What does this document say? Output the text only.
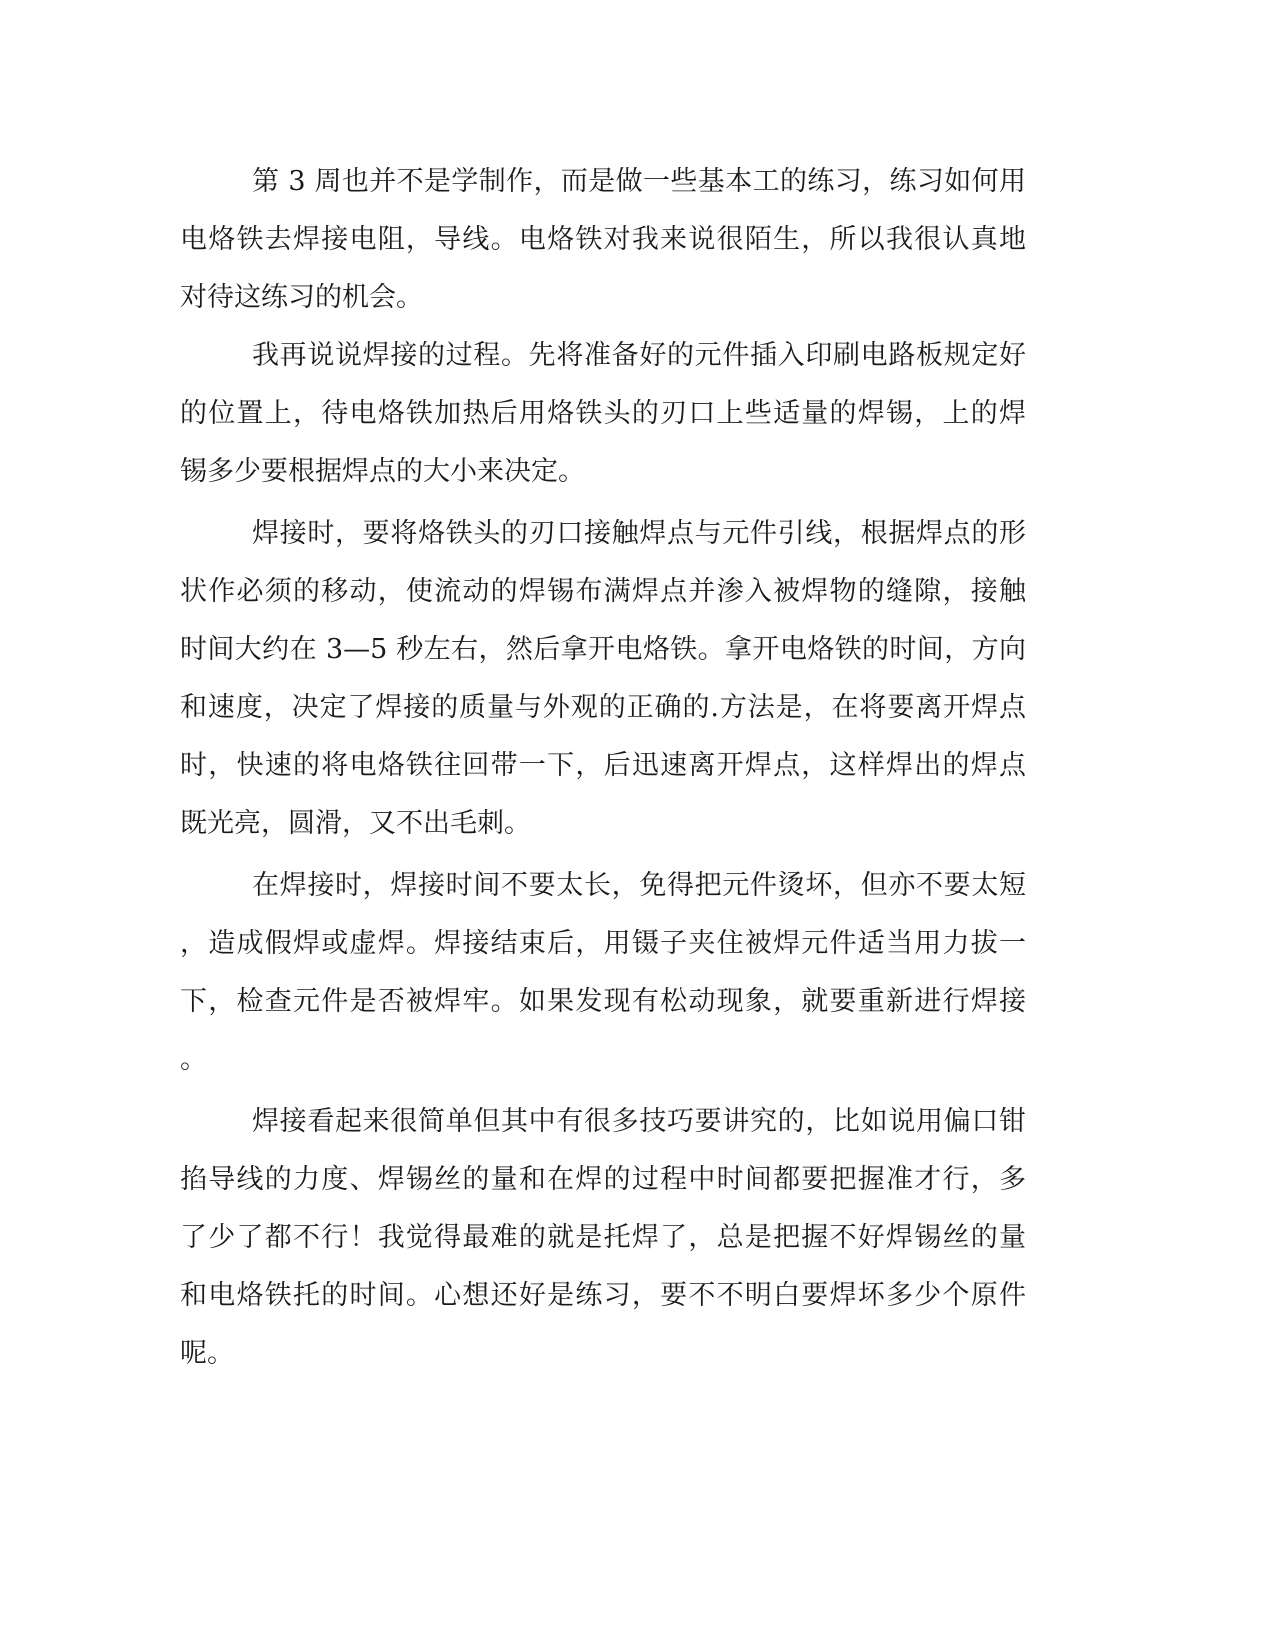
第 3 周也并不是学制作，而是做一些基本工的练习，练习如何用

电烙铁去焊接电阻，导线。电烙铁对我来说很陌生，所以我很认真地

对待这练习的机会。

我再说说焊接的过程。先将准备好的元件插入印刷电路板规定好

的位置上，待电烙铁加热后用烙铁头的刃口上些适量的焊锡，上的焊

锡多少要根据焊点的大小来决定。

焊接时，要将烙铁头的刃口接触焊点与元件引线，根据焊点的形

状作必须的移动，使流动的焊锡布满焊点并渗入被焊物的缝隙，接触

时间大约在 3—5 秒左右，然后拿开电烙铁。拿开电烙铁的时间，方向

和速度，决定了焊接的质量与外观的正确的.方法是，在将要离开焊点

时，快速的将电烙铁往回带一下，后迅速离开焊点，这样焊出的焊点

既光亮，圆滑，又不出毛刺。

在焊接时，焊接时间不要太长，免得把元件烫坏，但亦不要太短

，造成假焊或虚焊。焊接结束后，用镊子夹住被焊元件适当用力拔一

下，检查元件是否被焊牢。如果发现有松动现象，就要重新进行焊接

。

焊接看起来很简单但其中有很多技巧要讲究的，比如说用偏口钳

掐导线的力度、焊锡丝的量和在焊的过程中时间都要把握准才行，多

了少了都不行！我觉得最难的就是托焊了，总是把握不好焊锡丝的量

和电烙铁托的时间。心想还好是练习，要不不明白要焊坏多少个原件

呢。
